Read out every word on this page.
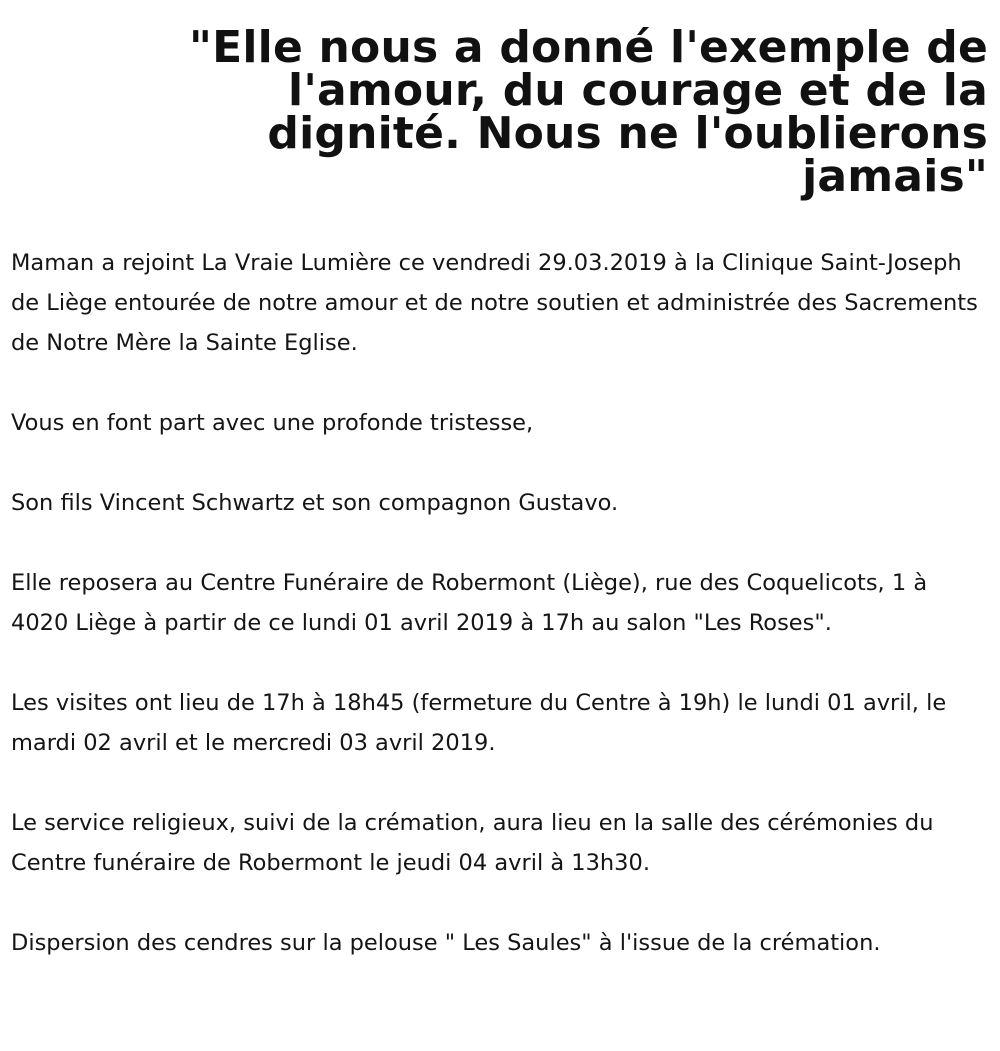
"Elle nous a donné l'exemple de l'amour, du courage et de la dignité. Nous ne l'oublierons jamais"

Maman a rejoint La Vraie Lumière ce vendredi 29.03.2019 à la Clinique Saint-Joseph de Liège entourée de notre amour et de notre soutien et administrée des Sacrements de Notre Mère la Sainte Eglise.

Vous en font part avec une profonde tristesse,

Son fils Vincent Schwartz et son compagnon Gustavo.

Elle reposera au Centre Funéraire de Robermont (Liège), rue des Coquelicots, 1 à 4020 Liège à partir de ce lundi 01 avril 2019 à 17h au salon "Les Roses".

Les visites ont lieu de 17h à 18h45 (fermeture du Centre à 19h) le lundi 01 avril, le mardi 02 avril et le mercredi 03 avril 2019.

Le service religieux, suivi de la crémation, aura lieu en la salle des cérémonies du Centre funéraire de Robermont le jeudi 04 avril à 13h30.

Dispersion des cendres sur la pelouse " Les Saules" à l'issue de la crémation.
